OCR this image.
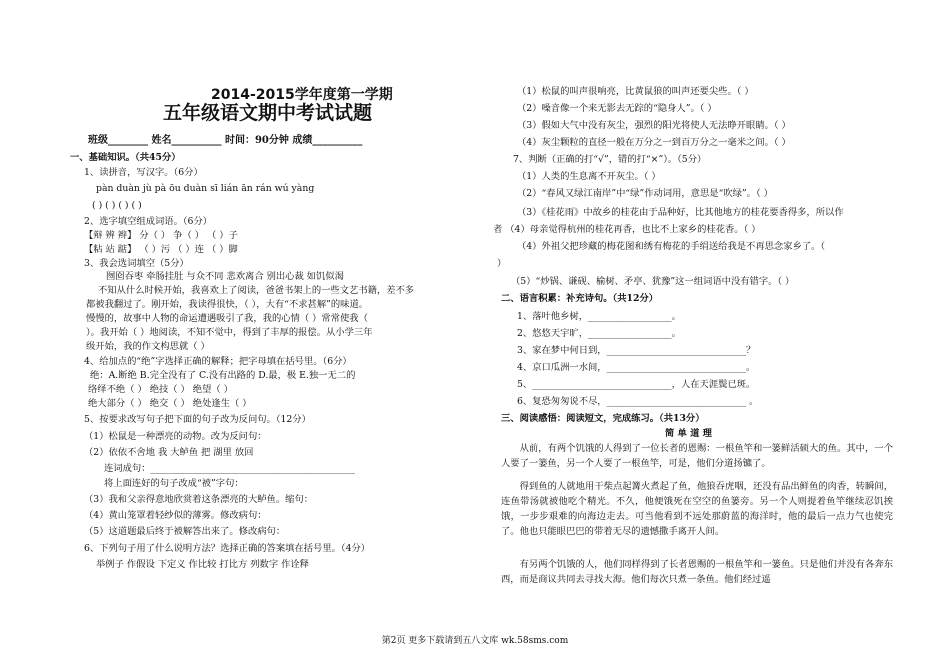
2014-2015学年度第一学期
五年级语文期中考试试题
班级________ 姓名__________ 时间：90分钟 成绩__________
一、基础知识。（共45分）
1、读拼音，写汉字。（6分）
pàn duàn jù pà ōu duàn sī lián ān rán wú yàng
( ) ( ) ( ) ( )
2、选字填空组成词语。（6分）
【辩 辨 辫】 分（ ） 争（ ） （ ）子
【粘 站 踮】 （ ）污 （ ）连 （ ）脚
3、我会选词填空（5分）
囫囵吞枣 牵肠挂肚 与众不同 悲欢离合 别出心裁 如饥似渴
不知从什么时候开始，我喜欢上了阅读，爸爸书架上的一些文艺书籍，差不多
都被我翻过了。刚开始，我读得很快，（ ），大有“不求甚解”的味道。
慢慢的，故事中人物的命运遭遇吸引了我，我的心情（ ）常常使我（
）。我开始（ ）地阅读，不知不觉中，得到了丰厚的报偿。从小学三年
级开始，我的作文构思就（ ）
4、给加点的“绝”字选择正确的解释；把字母填在括号里。（6分）
绝：A.断绝 B.完全没有了 C.没有出路的 D.最，极 E.独一无二的
络绎不绝（ ） 绝技（ ） 绝望（ ）
绝大部分（ ） 绝交（ ） 绝处逢生（ ）
5、按要求改写句子把下面的句子改为反问句。（12分）
（1）松鼠是一种漂亮的动物。改为反问句：
（2）依依不舍地 我 大鲈鱼 把 湖里 放回
连词成句：____________________________________________
将上面连好的句子改成“被”字句：
（3）我和父亲得意地欣赏着这条漂亮的大鲈鱼。缩句：
（4）黄山笼罩着轻纱似的薄雾。修改病句：
（5）这道题最后终于被解答出来了。修改病句：
6、下列句子用了什么说明方法？选择正确的答案填在括号里。（4分）
举例子 作假设 下定义 作比较 打比方 列数字 作诠释
（1）松鼠的叫声很响亮，比黄鼠狼的叫声还要尖些。（ ）
（2）噪音像一个来无影去无踪的“隐身人”。（ ）
（3）假如大气中没有灰尘，强烈的阳光将使人无法睁开眼睛。（ ）
（4）灰尘颗粒的直径一般在万分之一到百万分之一毫米之间。（ ）
7、判断（正确的打“√”，错的打“×”）。（5分）
（1）人类的生息离不开灰尘。（ ）
（2）“春风又绿江南岸”中“绿”作动词用，意思是“吹绿”。（ ）
（3）《桂花雨》中故乡的桂花由于品种好，比其他地方的桂花要香得多，所以作
者 （4）母亲觉得杭州的桂花再香，也比不上家乡的桂花香。（ ）
（4）外祖父把珍藏的梅花图和绣有梅花的手绢送给我是不再思念家乡了。（
）
（5）“炒锅、谦砚、榆树、矛亭、犹豫”这一组词语中没有错字。（ ）
二、语言积累：补充诗句。（共12分）
1、落叶他乡树，__________________。
2、悠悠天宇旷，__________________。
3、家在梦中何日到，______________________________？
4、京口瓜洲一水间，______________________________。
5、______________________________，人在天涯鬓已斑。
6、复恐匆匆说不尽，______________________________ 。
三、阅读感悟：阅读短文，完成练习。（共13分）
简 单 道 理
从前，有两个饥饿的人得到了一位长者的恩赐：一根鱼竿和一篓鲜活硕大的鱼。其中，一个人要了一篓鱼，另一个人要了一根鱼竿，可是，他们分道扬镳了。
得到鱼的人就地用干柴点起篝火煮起了鱼，他狼吞虎咽，还没有品出鲜鱼的肉香，转瞬间，连鱼带汤就被他吃个精光。不久，他便饿死在空空的鱼篓旁。另一个人则提着鱼竿继续忍饥挨饿，一步步艰难的向海边走去。可当他看到不远处那蔚蓝的海洋时，他的最后一点力气也使完了。他也只能眼巴巴的带着无尽的遗憾撒手离开人间。
有另两个饥饿的人，他们同样得到了长者恩赐的一根鱼竿和一篓鱼。只是他们并没有各奔东西，而是商议共同去寻找大海。他们每次只煮一条鱼。他们经过遥
第2页 更多下载请到五八文库 wk.58sms.com
